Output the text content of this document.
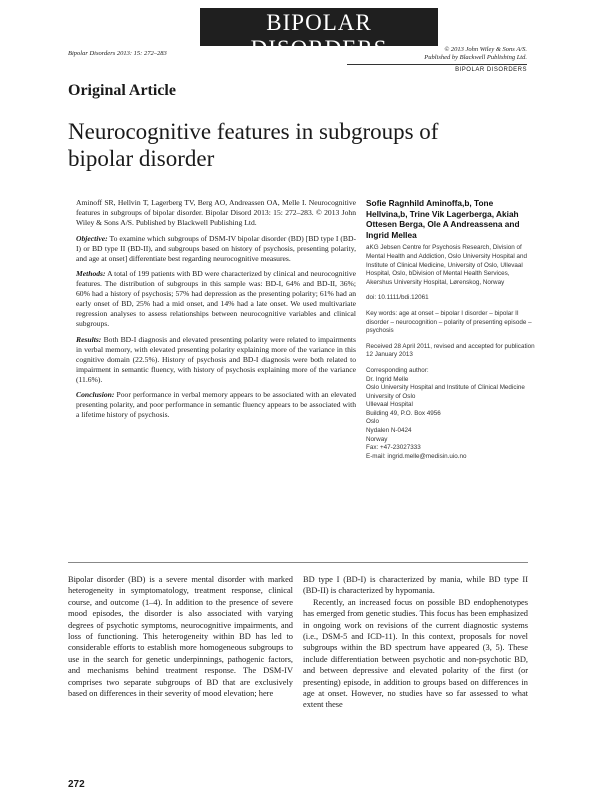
BIPOLAR DISORDERS
AN INTERNATIONAL JOURNAL OF PSYCHIATRY AND NEUROSCIENCES
Bipolar Disorders 2013: 15: 272–283
© 2013 John Wiley & Sons A/S.
Published by Blackwell Publishing Ltd.
BIPOLAR DISORDERS
Original Article
Neurocognitive features in subgroups of bipolar disorder

Aminoff SR, Hellvin T, Lagerberg TV, Berg AO, Andreassen OA, Melle I. Neurocognitive features in subgroups of bipolar disorder. Bipolar Disord 2013: 15: 272–283. © 2013 John Wiley & Sons A/S. Published by Blackwell Publishing Ltd.

Objective: To examine which subgroups of DSM-IV bipolar disorder (BD) [BD type I (BD-I) or BD type II (BD-II), and subgroups based on history of psychosis, presenting polarity, and age at onset] differentiate best regarding neurocognitive measures.

Methods: A total of 199 patients with BD were characterized by clinical and neurocognitive features. The distribution of subgroups in this sample was: BD-I, 64% and BD-II, 36%; 60% had a history of psychosis; 57% had depression as the presenting polarity; 61% had an early onset of BD, 25% had a mid onset, and 14% had a late onset. We used multivariate regression analyses to assess relationships between neurocognitive variables and clinical subgroups.

Results: Both BD-I diagnosis and elevated presenting polarity were related to impairments in verbal memory, with elevated presenting polarity explaining more of the variance in this cognitive domain (22.5%). History of psychosis and BD-I diagnosis were both related to impairment in semantic fluency, with history of psychosis explaining more of the variance (11.6%).

Conclusion: Poor performance in verbal memory appears to be associated with an elevated presenting polarity, and poor performance in semantic fluency appears to be associated with a lifetime history of psychosis.

Sofie Ragnhild Aminoffa,b, Tone Hellvina,b, Trine Vik Lagerberga, Akiah Ottesen Berga, Ole A Andreassena and Ingrid Mellea

aKG Jebsen Centre for Psychosis Research, Division of Mental Health and Addiction, Oslo University Hospital and Institute of Clinical Medicine, University of Oslo, Ullevaal Hospital, Oslo, bDivision of Mental Health Services, Akershus University Hospital, Lørenskog, Norway

doi: 10.1111/bdi.12061

Key words: age at onset – bipolar I disorder – bipolar II disorder – neurocognition – polarity of presenting episode – psychosis

Received 28 April 2011, revised and accepted for publication 12 January 2013

Corresponding author:
Dr. Ingrid Melle
Oslo University Hospital and Institute of Clinical Medicine
University of Oslo
Ullevaal Hospital
Building 49, P.O. Box 4956
Oslo
Nydalen N-0424
Norway
Fax: +47-23027333
E-mail: ingrid.melle@medisin.uio.no

Bipolar disorder (BD) is a severe mental disorder with marked heterogeneity in symptomatology, treatment response, clinical course, and outcome (1–4). In addition to the presence of severe mood episodes, the disorder is also associated with varying degrees of psychotic symptoms, neurocognitive impairments, and loss of functioning. This heterogeneity within BD has led to considerable efforts to establish more homogeneous subgroups to use in the search for genetic underpinnings, pathogenic factors, and mechanisms behind treatment response. The DSM-IV comprises two separate subgroups of BD that are exclusively based on differences in their severity of mood elevation; here

BD type I (BD-I) is characterized by mania, while BD type II (BD-II) is characterized by hypomania.

Recently, an increased focus on possible BD endophenotypes has emerged from genetic studies. This focus has been emphasized in ongoing work on revisions of the current diagnostic systems (i.e., DSM-5 and ICD-11). In this context, proposals for novel subgroups within the BD spectrum have appeared (3, 5). These include differentiation between psychotic and non-psychotic BD, and between depressive and elevated polarity of the first (or presenting) episode, in addition to groups based on differences in age at onset. However, no studies have so far assessed to what extent these

272
